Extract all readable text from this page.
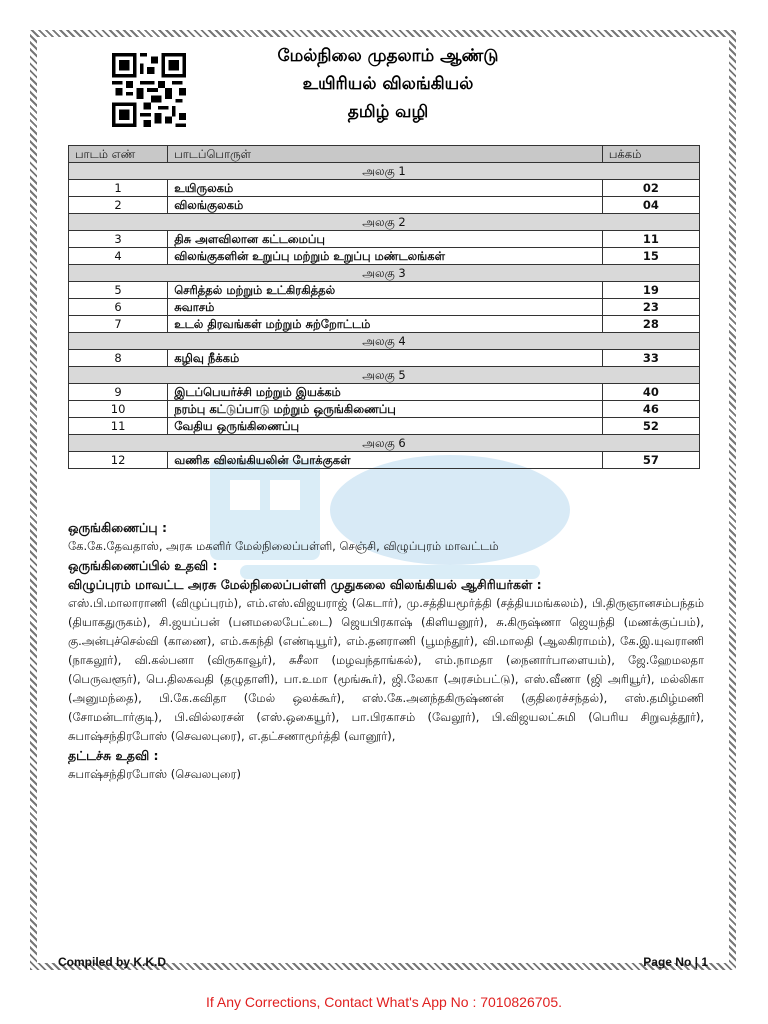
மேல்நிலை முதலாம் ஆண்டு
உயிரியல் விலங்கியல்
தமிழ் வழி
பாடம் எண்	பாடப்பொருள்	பக்கம்
அலகு 1		
1	உயிருலகம்	02
2	விலங்குலகம்	04
அலகு 2		
3	திசு அளவிலான கட்டமைப்பு	11
4	விலங்குகளின் உறுப்பு மற்றும் உறுப்பு மண்டலங்கள்	15
அலகு 3		
5	செரித்தல் மற்றும் உட்கிரகித்தல்	19
6	சுவாசம்	23
7	உடல் திரவங்கள் மற்றும் சுற்றோட்டம்	28
அலகு 4		
8	கழிவு நீக்கம்	33
அலகு 5		
9	இடப்பெயர்ச்சி மற்றும் இயக்கம்	40
10	நரம்பு கட்டுப்பாடு மற்றும் ஒருங்கிணைப்பு	46
11	வேதிய ஒருங்கிணைப்பு	52
அலகு 6		
12	வணிக விலங்கியலின் போக்குகள்	57
ஒருங்கிணைப்பு :
கே.கே.தேவதாஸ், அரசு மகளிர் மேல்நிலைப்பள்ளி, செஞ்சி, விழுப்புரம் மாவட்டம்
ஒருங்கிணைப்பில் உதவி :
விழுப்புரம் மாவட்ட அரசு மேல்நிலைப்பள்ளி முதுகலை விலங்கியல் ஆசிரியர்கள் :
எஸ்.பி.மாலாராணி (விழுப்புரம்), எம்.எஸ்.விஜயராஜ் (கெடார்), மு.சத்தியமூர்த்தி (சத்தியமங்கலம்), பி.திருஞானசம்பந்தம் (தியாகதுருகம்), சி.ஜயப்பன் (பனமலைபேட்டை) ஜெயபிரகாஷ் (கிளியனூர்), சு.கிருஷ்ணா ஜெயந்தி (மணக்குப்பம்), கு.அன்புச்செல்வி (காணை), எம்.சுகந்தி (எண்டியூர்), எம்.தனராணி (பூமந்தூர்), வி.மாலதி (ஆலகிராமம்), கே.இ.யுவராணி (நாகலூர்), வி.கல்பனா (விருகாவூர்), சுசீலா (மழவந்தாங்கல்), எம்.நாமதா (நைனார்பாளையம்), ஜே.ஹேமலதா (பெருவளூர்), பெ.திலகவதி (தழுதாளி), பா.உமா (மூங்கூர்), ஜி.லேகா (அரசம்பட்டு), எஸ்.வீணா (ஜி அரியூர்), மல்லிகா (அனுமந்தை), பி.கே.கவிதா (மேல் ஒலக்கூர்), எஸ்.கே.அனந்தகிருஷ்ணன் (குதிரைச்சந்தல்), எஸ்.தமிழ்மணி (சோமன்டார்குடி), பி.வில்லரசன் (எஸ்.ஒகையூர்), பா.பிரகாசம் (வேலூர்), பி.விஜயலட்சுமி (பெரிய சிறுவத்தூர்), சுபாஷ்சந்திரபோஸ் (செவலபுரை), எ.தட்சணாமூர்த்தி (வானூர்),
தட்டச்சு உதவி :
சுபாஷ்சந்திரபோஸ் (செவலபுரை)
Compiled by K.K.D	Page No | 1
If Any Corrections, Contact What's App No : 7010826705.
